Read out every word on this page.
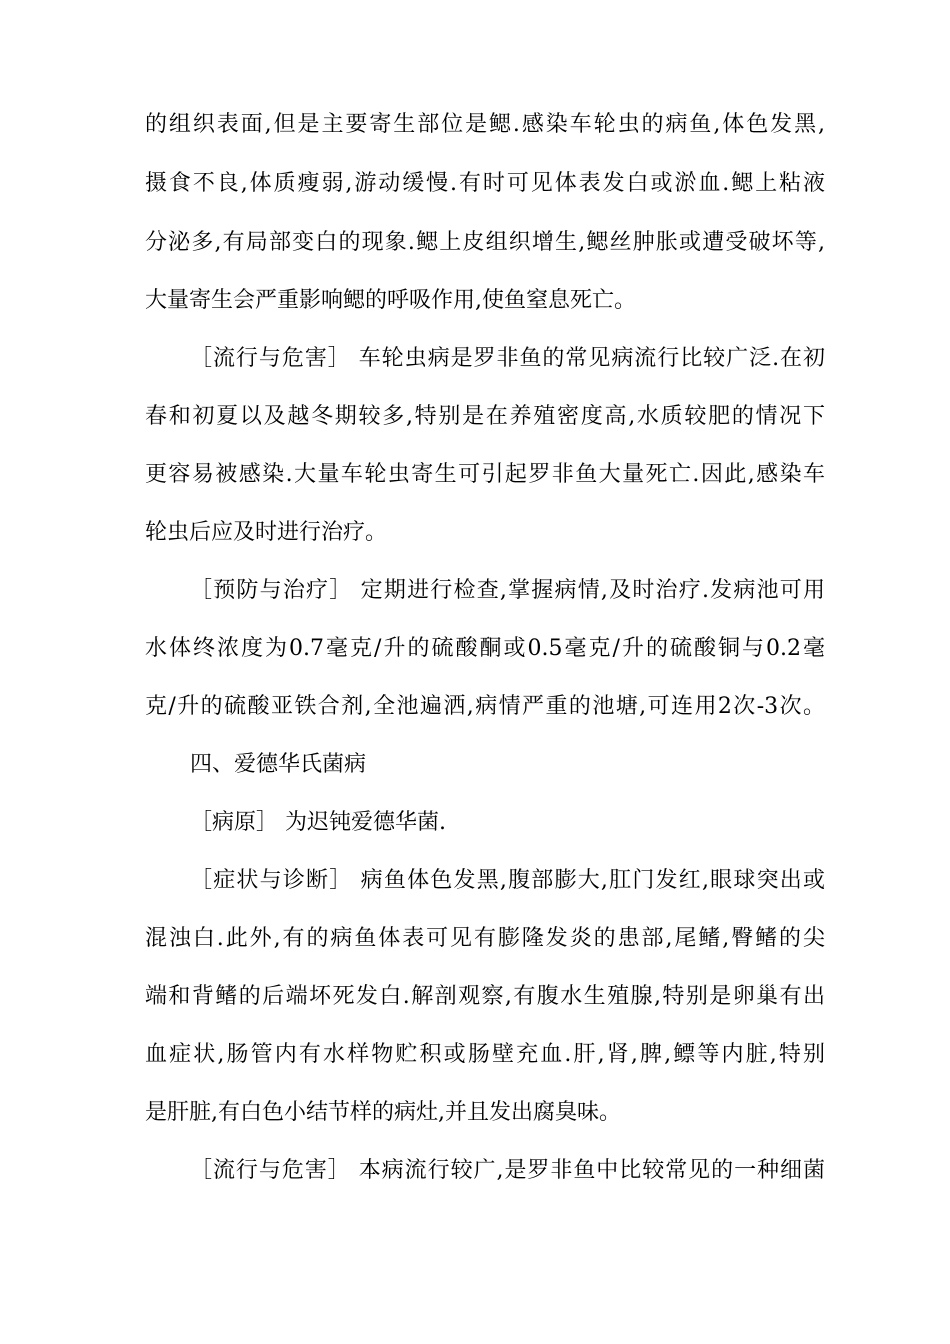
的组织表面,但是主要寄生部位是鳃.感染车轮虫的病鱼,体色发黑,
摄食不良,体质瘦弱,游动缓慢.有时可见体表发白或淤血.鳃上粘液
分泌多,有局部变白的现象.鳃上皮组织增生,鳃丝肿胀或遭受破坏等,
大量寄生会严重影响鳃的呼吸作用,使鱼窒息死亡。
［流行与危害］ 车轮虫病是罗非鱼的常见病流行比较广泛.在初
春和初夏以及越冬期较多,特别是在养殖密度高,水质较肥的情况下
更容易被感染.大量车轮虫寄生可引起罗非鱼大量死亡.因此,感染车
轮虫后应及时进行治疗。
［预防与治疗］ 定期进行检查,掌握病情,及时治疗.发病池可用
水体终浓度为0.7毫克/升的硫酸酮或0.5毫克/升的硫酸铜与0.2毫
克/升的硫酸亚铁合剂,全池遍洒,病情严重的池塘,可连用2次-3次。
四、爱德华氏菌病
［病原］ 为迟钝爱德华菌.
［症状与诊断］ 病鱼体色发黑,腹部膨大,肛门发红,眼球突出或
混浊白.此外,有的病鱼体表可见有膨隆发炎的患部,尾鳍,臀鳍的尖
端和背鳍的后端坏死发白.解剖观察,有腹水生殖腺,特别是卵巢有出
血症状,肠管内有水样物贮积或肠壁充血.肝,肾,脾,鳔等内脏,特别
是肝脏,有白色小结节样的病灶,并且发出腐臭味。
［流行与危害］ 本病流行较广,是罗非鱼中比较常见的一种细菌
